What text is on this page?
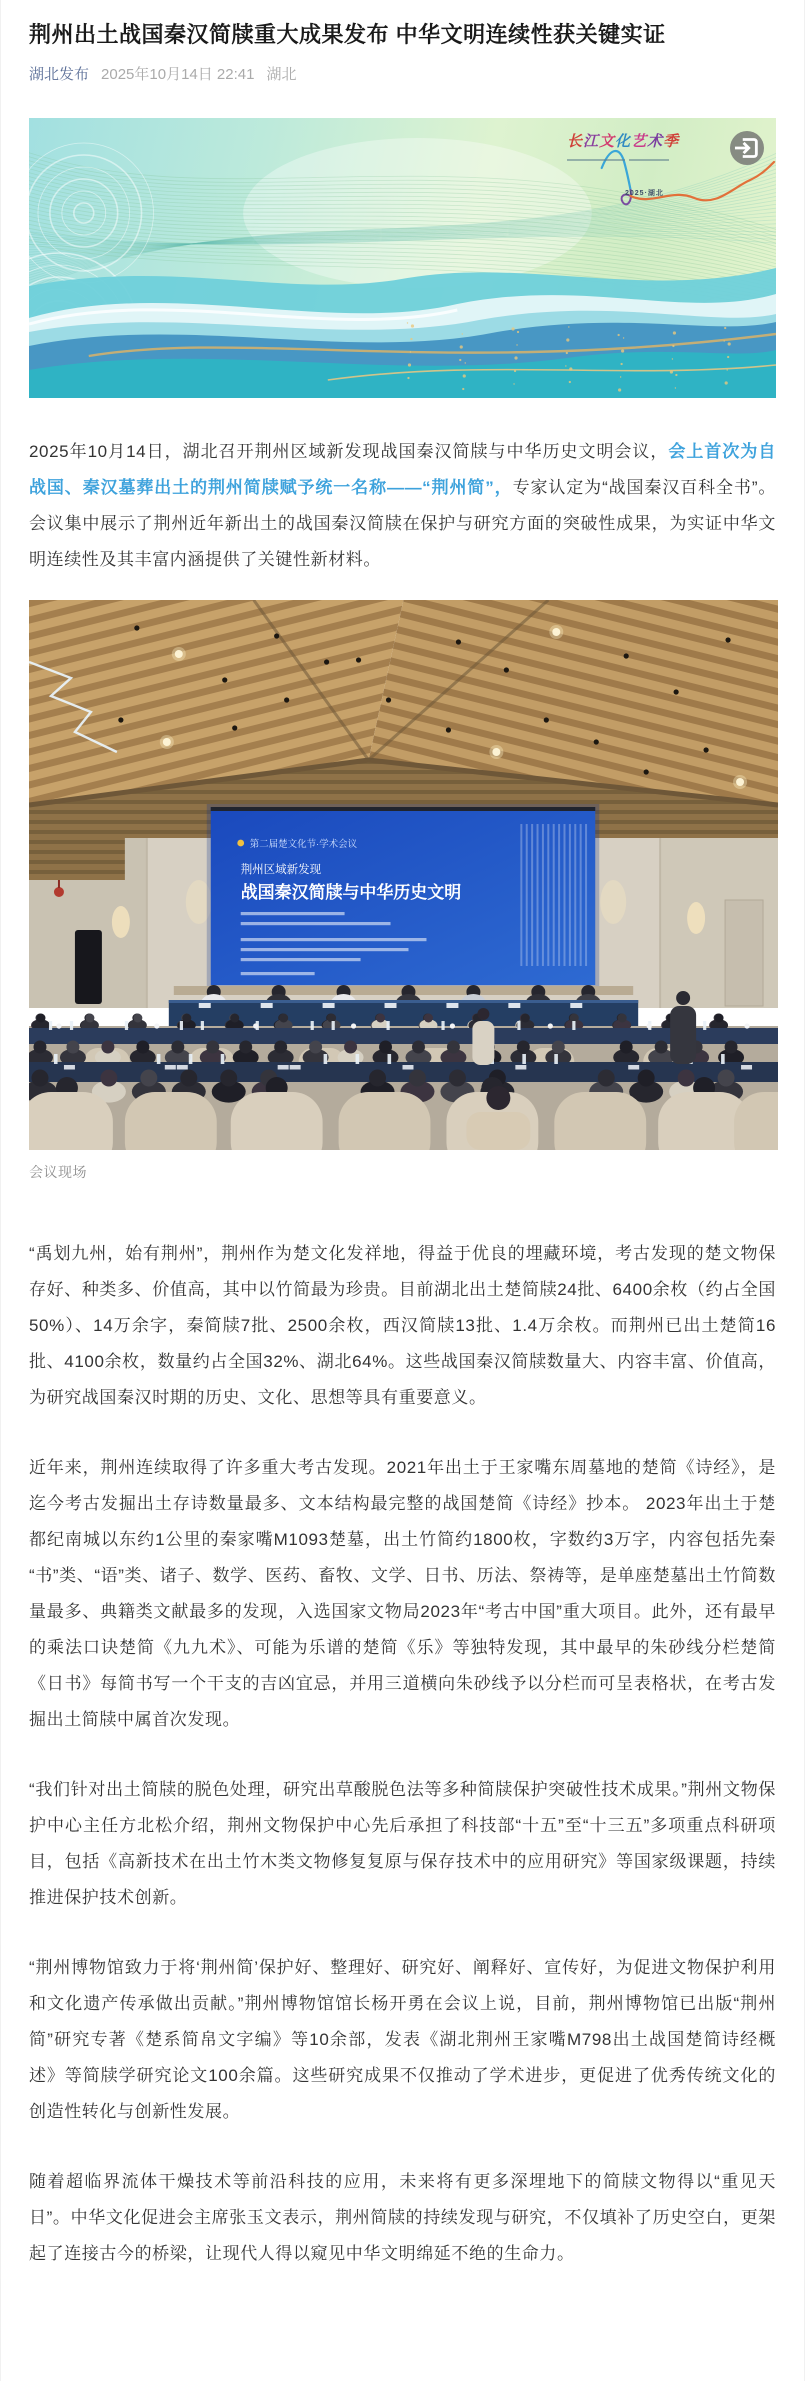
荆州出土战国秦汉简牍重大成果发布 中华文明连续性获关键实证
湖北发布 2025年10月14日 22:41 湖北
长江文化艺术季
2025·湖北

2025年10月14日，湖北召开荆州区域新发现战国秦汉简牍与中华历史文明会议，会上首次为自战国、秦汉墓葬出土的荆州简牍赋予统一名称——“荆州简”，专家认定为“战国秦汉百科全书”。会议集中展示了荆州近年新出土的战国秦汉简牍在保护与研究方面的突破性成果，为实证中华文明连续性及其丰富内涵提供了关键性新材料。

第二届楚文化节·学术会议
荆州区域新发现
战国秦汉简牍与中华历史文明
会议现场

“禹划九州，始有荆州”，荆州作为楚文化发祥地，得益于优良的埋藏环境，考古发现的楚文物保存好、种类多、价值高，其中以竹简最为珍贵。目前湖北出土楚简牍24批、6400余枚（约占全国50%）、14万余字，秦简牍7批、2500余枚，西汉简牍13批、1.4万余枚。而荆州已出土楚简16批、4100余枚，数量约占全国32%、湖北64%。这些战国秦汉简牍数量大、内容丰富、价值高，为研究战国秦汉时期的历史、文化、思想等具有重要意义。

近年来，荆州连续取得了许多重大考古发现。2021年出土于王家嘴东周墓地的楚简《诗经》，是迄今考古发掘出土存诗数量最多、文本结构最完整的战国楚简《诗经》抄本。 2023年出土于楚都纪南城以东约1公里的秦家嘴M1093楚墓，出土竹简约1800枚，字数约3万字，内容包括先秦“书”类、“语”类、诸子、数学、医药、畜牧、文学、日书、历法、祭祷等，是单座楚墓出土竹简数量最多、典籍类文献最多的发现，入选国家文物局2023年“考古中国”重大项目。此外，还有最早的乘法口诀楚简《九九术》、可能为乐谱的楚简《乐》等独特发现，其中最早的朱砂线分栏楚简《日书》每简书写一个干支的吉凶宜忌，并用三道横向朱砂线予以分栏而可呈表格状，在考古发掘出土简牍中属首次发现。

“我们针对出土简牍的脱色处理，研究出草酸脱色法等多种简牍保护突破性技术成果。”荆州文物保护中心主任方北松介绍，荆州文物保护中心先后承担了科技部“十五”至“十三五”多项重点科研项目，包括《高新技术在出土竹木类文物修复复原与保存技术中的应用研究》等国家级课题，持续推进保护技术创新。

“荆州博物馆致力于将‘荆州简’保护好、整理好、研究好、阐释好、宣传好，为促进文物保护利用和文化遗产传承做出贡献。”荆州博物馆馆长杨开勇在会议上说，目前，荆州博物馆已出版“荆州简”研究专著《楚系简帛文字编》等10余部，发表《湖北荆州王家嘴M798出土战国楚简诗经概述》等简牍学研究论文100余篇。这些研究成果不仅推动了学术进步，更促进了优秀传统文化的创造性转化与创新性发展。

随着超临界流体干燥技术等前沿科技的应用，未来将有更多深埋地下的简牍文物得以“重见天日”。中华文化促进会主席张玉文表示，荆州简牍的持续发现与研究，不仅填补了历史空白，更架起了连接古今的桥梁，让现代人得以窥见中华文明绵延不绝的生命力。
